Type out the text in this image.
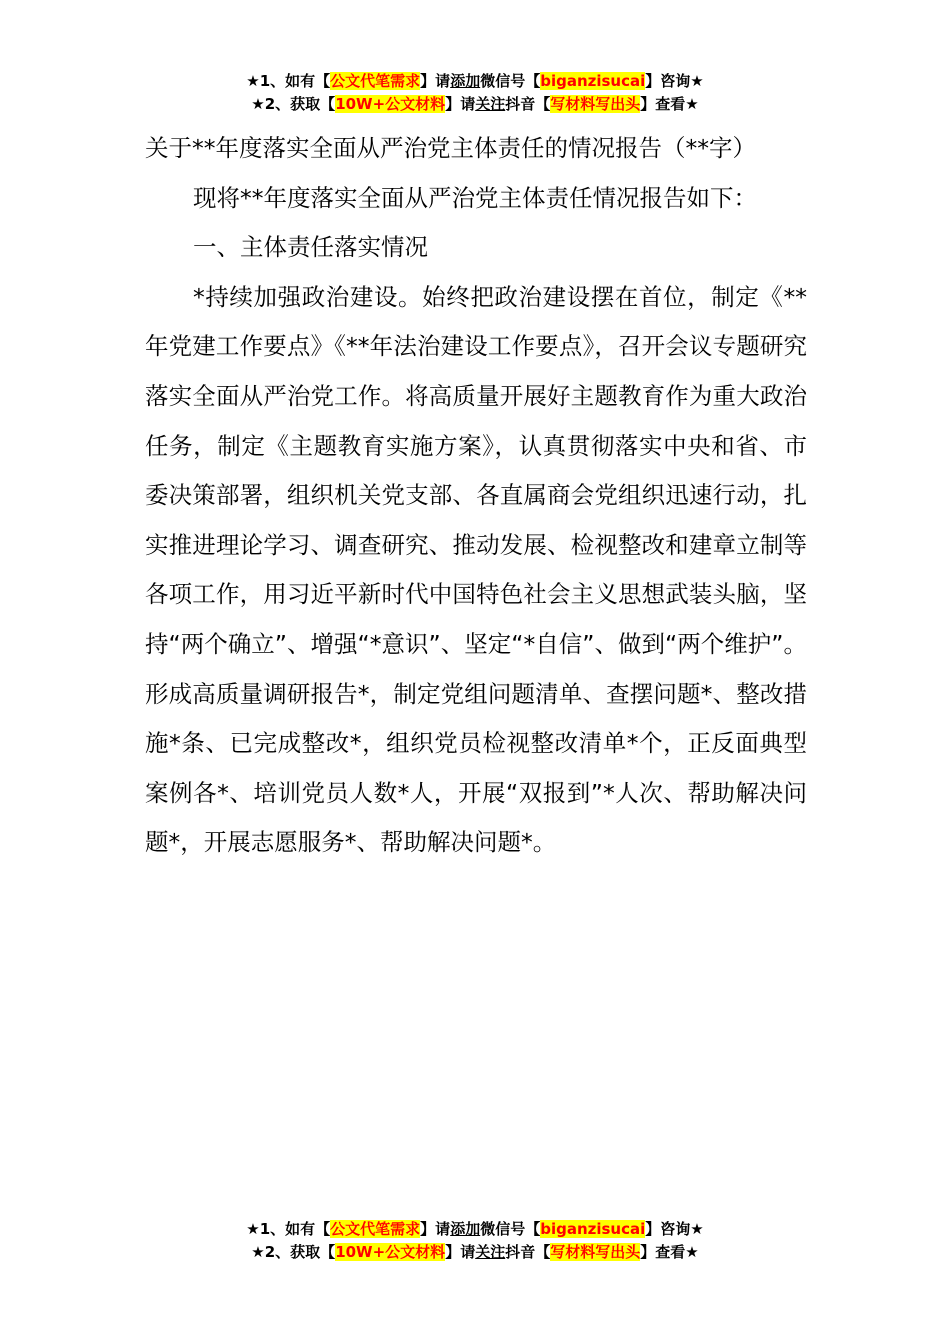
★1、如有【公文代笔需求】请添加微信号【biganzisucai】咨询★
★2、获取【10W+公文材料】请关注抖音【写材料写出头】查看★

关于**年度落实全面从严治党主体责任的情况报告（**字）

现将**年度落实全面从严治党主体责任情况报告如下：

一、主体责任落实情况

*持续加强政治建设。始终把政治建设摆在首位，制定《**年党建工作要点》《**年法治建设工作要点》，召开会议专题研究落实全面从严治党工作。将高质量开展好主题教育作为重大政治任务，制定《主题教育实施方案》，认真贯彻落实中央和省、市委决策部署，组织机关党支部、各直属商会党组织迅速行动，扎实推进理论学习、调查研究、推动发展、检视整改和建章立制等各项工作，用习近平新时代中国特色社会主义思想武装头脑，坚持“两个确立”、增强“*意识”、坚定“*自信”、做到“两个维护”。形成高质量调研报告*，制定党组问题清单、查摆问题*、整改措施*条、已完成整改*，组织党员检视整改清单*个，正反面典型案例各*、培训党员人数*人，开展“双报到”*人次、帮助解决问题*，开展志愿服务*、帮助解决问题*。

★1、如有【公文代笔需求】请添加微信号【biganzisucai】咨询★
★2、获取【10W+公文材料】请关注抖音【写材料写出头】查看★
